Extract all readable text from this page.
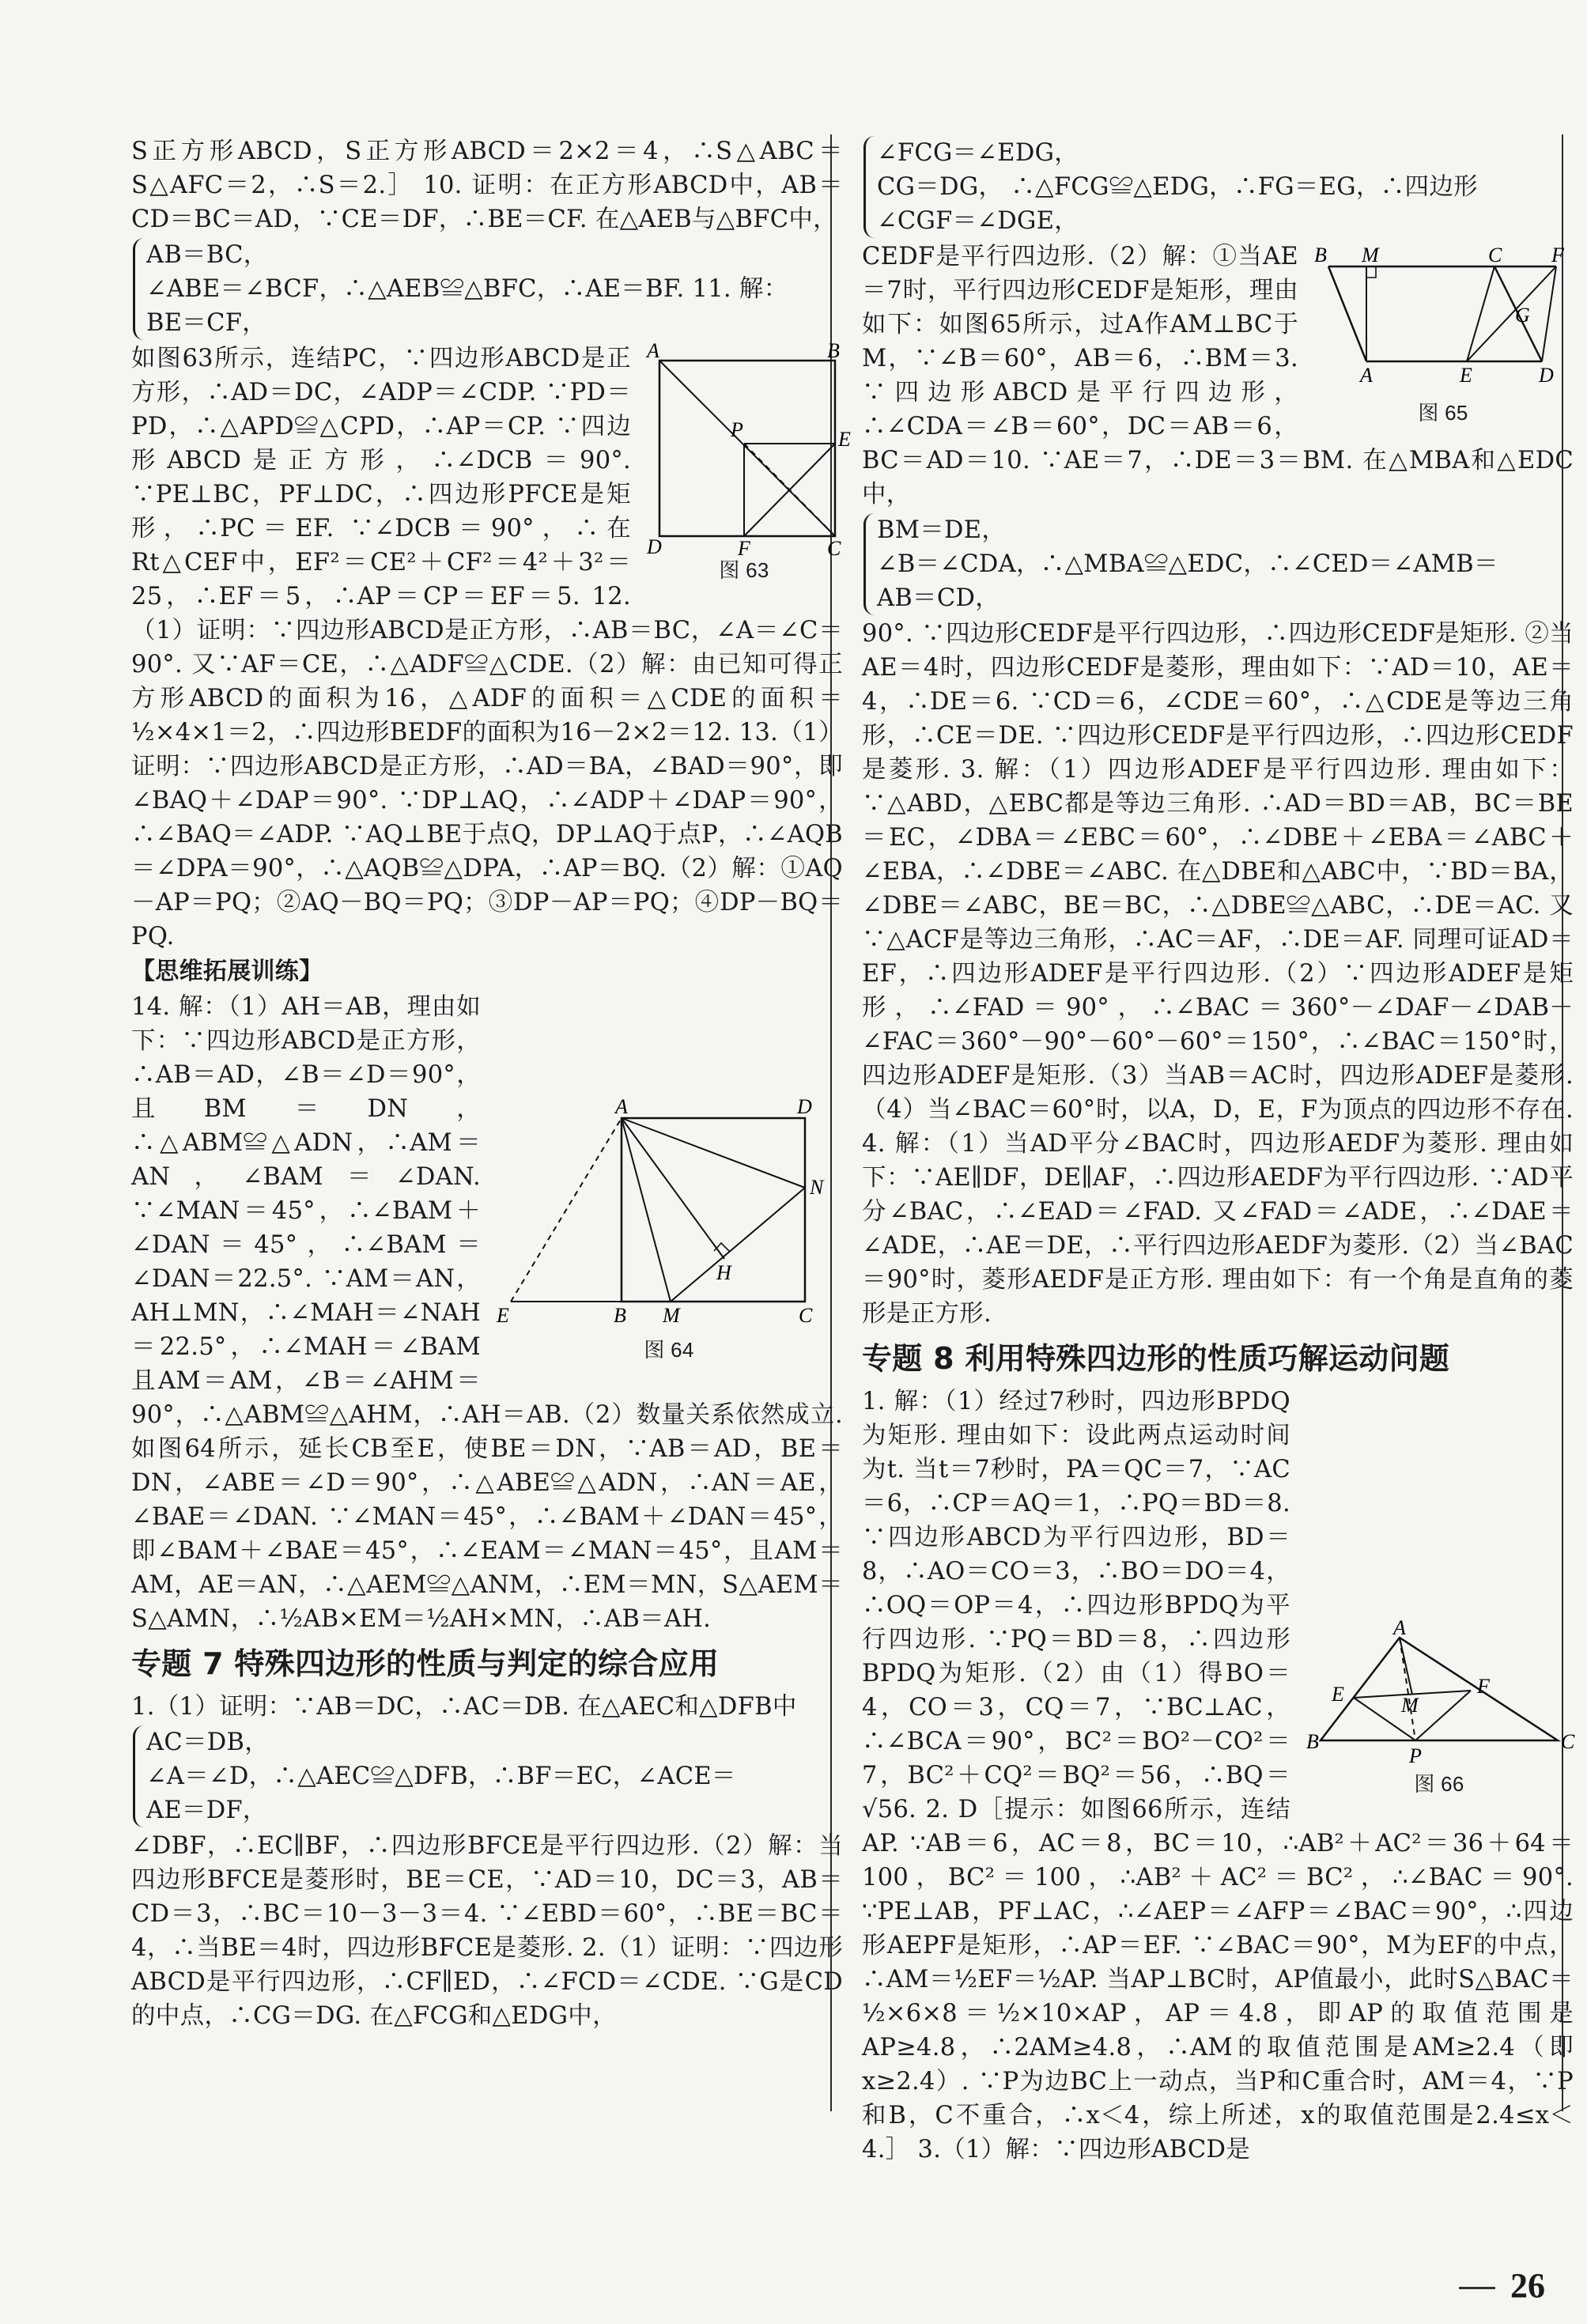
S正方形ABCD，S正方形ABCD＝2×2＝4，∴S△ABC＝S△AFC＝2，∴S＝2.］ 10. 证明：在正方形ABCD中，AB＝CD＝BC＝AD，∵CE＝DF，∴BE＝CF. 在△AEB与△BFC中，
AB＝BC，
∠ABE＝∠BCF，∴△AEB≌△BFC，∴AE＝BF. 11. 解：
BE＝CF，
A	B
D	C
E
F
P
图 63
如图63所示，连结PC，∵四边形ABCD是正方形，∴AD＝DC，∠ADP＝∠CDP. ∵PD＝PD，∴△APD≌△CPD，∴AP＝CP. ∵四边形ABCD是正方形，∴∠DCB＝90°. ∵PE⊥BC，PF⊥DC，∴四边形PFCE是矩形，∴PC＝EF. ∵∠DCB＝90°，∴在Rt△CEF中，EF²＝CE²＋CF²＝4²＋3²＝25，∴EF＝5，∴AP＝CP＝EF＝5. 12.（1）证明：∵四边形ABCD是正方形，∴AB＝BC，∠A＝∠C＝90°. 又∵AF＝CE，∴△ADF≌△CDE.（2）解：由已知可得正方形ABCD的面积为16，△ADF的面积＝△CDE的面积＝½×4×1＝2，∴四边形BEDF的面积为16－2×2＝12. 13.（1）证明：∵四边形ABCD是正方形，∴AD＝BA，∠BAD＝90°，即∠BAQ＋∠DAP＝90°. ∵DP⊥AQ，∴∠ADP＋∠DAP＝90°，∴∠BAQ＝∠ADP. ∵AQ⊥BE于点Q，DP⊥AQ于点P，∴∠AQB＝∠DPA＝90°，∴△AQB≌△DPA，∴AP＝BQ.（2）解：①AQ－AP＝PQ；②AQ－BQ＝PQ；③DP－AP＝PQ；④DP－BQ＝PQ.
【思维拓展训练】
A	D
N
E	B M	C
H
图 64
14. 解：（1）AH＝AB，理由如下：∵四边形ABCD是正方形，∴AB＝AD，∠B＝∠D＝90°，且BM＝DN，∴△ABM≌△ADN，∴AM＝AN，∠BAM＝∠DAN. ∵∠MAN＝45°，∴∠BAM＋∠DAN＝45°，∴∠BAM＝∠DAN＝22.5°. ∵AM＝AN，AH⊥MN，∴∠MAH＝∠NAH＝22.5°，∴∠MAH＝∠BAM且AM＝AM，∠B＝∠AHM＝90°，∴△ABM≌△AHM，∴AH＝AB.（2）数量关系依然成立. 如图64所示，延长CB至E，使BE＝DN，∵AB＝AD，BE＝DN，∠ABE＝∠D＝90°，∴△ABE≌△ADN，∴AN＝AE，∠BAE＝∠DAN. ∵∠MAN＝45°，∴∠BAM＋∠DAN＝45°，即∠BAM＋∠BAE＝45°，∴∠EAM＝∠MAN＝45°，且AM＝AM，AE＝AN，∴△AEM≌△ANM，∴EM＝MN，S△AEM＝S△AMN，∴½AB×EM＝½AH×MN，∴AB＝AH.
专题 7 特殊四边形的性质与判定的综合应用
1.（1）证明：∵AB＝DC，∴AC＝DB. 在△AEC和△DFB中
AC＝DB，
∠A＝∠D，∴△AEC≌△DFB，∴BF＝EC，∠ACE＝
AE＝DF，
∠DBF，∴EC∥BF，∴四边形BFCE是平行四边形.（2）解：当四边形BFCE是菱形时，BE＝CE，∵AD＝10，DC＝3，AB＝CD＝3，∴BC＝10－3－3＝4. ∵∠EBD＝60°，∴BE＝BC＝4，∴当BE＝4时，四边形BFCE是菱形. 2.（1）证明：∵四边形ABCD是平行四边形，∴CF∥ED，∴∠FCD＝∠CDE. ∵G是CD的中点，∴CG＝DG. 在△FCG和△EDG中，
∠FCG＝∠EDG，
CG＝DG， ∴△FCG≌△EDG，∴FG＝EG，∴四边形
∠CGF＝∠DGE，
B M	C F
A	E	D
G
图 65
CEDF是平行四边形.（2）解：①当AE＝7时，平行四边形CEDF是矩形，理由如下：如图65所示，过A作AM⊥BC于M，∵∠B＝60°，AB＝6，∴BM＝3. ∵四边形ABCD是平行四边形，∴∠CDA＝∠B＝60°，DC＝AB＝6，BC＝AD＝10. ∵AE＝7，∴DE＝3＝BM. 在△MBA和△EDC中，
BM＝DE，
∠B＝∠CDA，∴△MBA≌△EDC，∴∠CED＝∠AMB＝
AB＝CD，
90°. ∵四边形CEDF是平行四边形，∴四边形CEDF是矩形. ②当AE＝4时，四边形CEDF是菱形，理由如下：∵AD＝10，AE＝4，∴DE＝6. ∵CD＝6，∠CDE＝60°，∴△CDE是等边三角形，∴CE＝DE. ∵四边形CEDF是平行四边形，∴四边形CEDF是菱形. 3. 解：（1）四边形ADEF是平行四边形. 理由如下：∵△ABD，△EBC都是等边三角形. ∴AD＝BD＝AB，BC＝BE＝EC，∠DBA＝∠EBC＝60°，∴∠DBE＋∠EBA＝∠ABC＋∠EBA，∴∠DBE＝∠ABC. 在△DBE和△ABC中，∵BD＝BA，∠DBE＝∠ABC，BE＝BC，∴△DBE≌△ABC，∴DE＝AC. 又∵△ACF是等边三角形，∴AC＝AF，∴DE＝AF. 同理可证AD＝EF，∴四边形ADEF是平行四边形.（2）∵四边形ADEF是矩形，∴∠FAD＝90°，∴∠BAC＝360°－∠DAF－∠DAB－∠FAC＝360°－90°－60°－60°＝150°，∴∠BAC＝150°时，四边形ADEF是矩形.（3）当AB＝AC时，四边形ADEF是菱形.（4）当∠BAC＝60°时，以A，D，E，F为顶点的四边形不存在. 4. 解：（1）当AD平分∠BAC时，四边形AEDF为菱形. 理由如下：∵AE∥DF，DE∥AF，∴四边形AEDF为平行四边形. ∵AD平分∠BAC，∴∠EAD＝∠FAD. 又∠FAD＝∠ADE，∴∠DAE＝∠ADE，∴AE＝DE，∴平行四边形AEDF为菱形.（2）当∠BAC＝90°时，菱形AEDF是正方形. 理由如下：有一个角是直角的菱形是正方形.
专题 8 利用特殊四边形的性质巧解运动问题
A
B	C
E	F
M
P
图 66
1. 解：（1）经过7秒时，四边形BPDQ为矩形. 理由如下：设此两点运动时间为t. 当t＝7秒时，PA＝QC＝7，∵AC＝6，∴CP＝AQ＝1，∴PQ＝BD＝8. ∵四边形ABCD为平行四边形，BD＝8，∴AO＝CO＝3，∴BO＝DO＝4，∴OQ＝OP＝4，∴四边形BPDQ为平行四边形. ∵PQ＝BD＝8，∴四边形BPDQ为矩形.（2）由（1）得BO＝4，CO＝3，CQ＝7，∵BC⊥AC，∴∠BCA＝90°，BC²＝BO²－CO²＝7，BC²＋CQ²＝BQ²＝56，∴BQ＝√56. 2. D［提示：如图66所示，连结AP. ∵AB＝6，AC＝8，BC＝10，∴AB²＋AC²＝36＋64＝100，BC²＝100，∴AB²＋AC²＝BC²，∴∠BAC＝90°. ∵PE⊥AB，PF⊥AC，∴∠AEP＝∠AFP＝∠BAC＝90°，∴四边形AEPF是矩形，∴AP＝EF. ∵∠BAC＝90°，M为EF的中点，∴AM＝½EF＝½AP. 当AP⊥BC时，AP值最小，此时S△BAC＝½×6×8＝½×10×AP，AP＝4.8，即AP的取值范围是AP≥4.8，∴2AM≥4.8，∴AM的取值范围是AM≥2.4（即x≥2.4）. ∵P为边BC上一动点，当P和C重合时，AM＝4，∵P和B，C不重合，∴x＜4，综上所述，x的取值范围是2.4≤x＜4.］ 3.（1）解：∵四边形ABCD是
26
